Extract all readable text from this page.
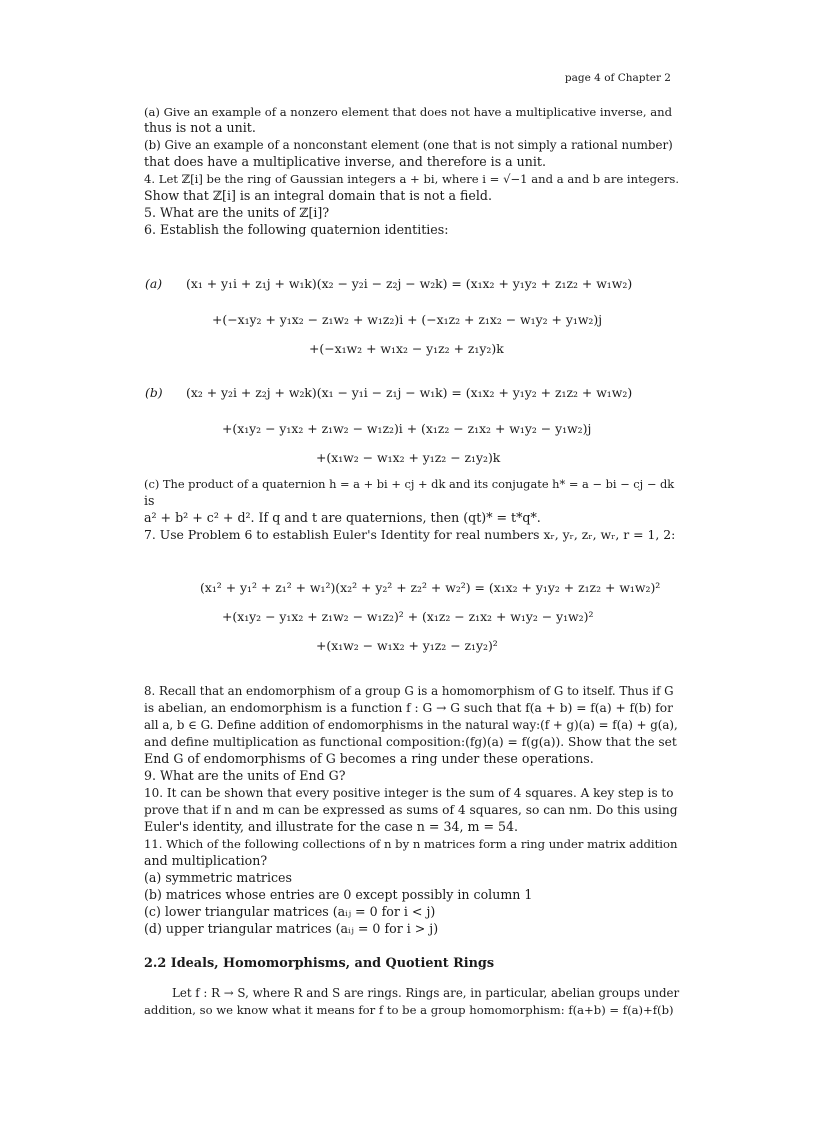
page 4 of Chapter 2
(a) Give an example of a nonzero element that does not have a multiplicative inverse, and
thus is not a unit.
(b) Give an example of a nonconstant element (one that is not simply a rational number)
that does have a multiplicative inverse, and therefore is a unit.
4. Let ℤ[i] be the ring of Gaussian integers a + bi, where i = √−1 and a and b are integers.
Show that ℤ[i] is an integral domain that is not a field.
5. What are the units of ℤ[i]?
6. Establish the following quaternion identities:
(a) (x₁ + y₁i + z₁j + w₁k)(x₂ − y₂i − z₂j − w₂k) = (x₁x₂ + y₁y₂ + z₁z₂ + w₁w₂)
+(−x₁y₂ + y₁x₂ − z₁w₂ + w₁z₂)i + (−x₁z₂ + z₁x₂ − w₁y₂ + y₁w₂)j
+(−x₁w₂ + w₁x₂ − y₁z₂ + z₁y₂)k
(b) (x₂ + y₂i + z₂j + w₂k)(x₁ − y₁i − z₁j − w₁k) = (x₁x₂ + y₁y₂ + z₁z₂ + w₁w₂)
+(x₁y₂ − y₁x₂ + z₁w₂ − w₁z₂)i + (x₁z₂ − z₁x₂ + w₁y₂ − y₁w₂)j
+(x₁w₂ − w₁x₂ + y₁z₂ − z₁y₂)k
(c) The product of a quaternion h = a + bi + cj + dk and its conjugate h* = a − bi − cj − dk
is
a² + b² + c² + d². If q and t are quaternions, then (qt)* = t*q*.
7. Use Problem 6 to establish Euler's Identity for real numbers xᵣ, yᵣ, zᵣ, wᵣ, r = 1, 2:
(x₁² + y₁² + z₁² + w₁²)(x₂² + y₂² + z₂² + w₂²) = (x₁x₂ + y₁y₂ + z₁z₂ + w₁w₂)²
+(x₁y₂ − y₁x₂ + z₁w₂ − w₁z₂)² + (x₁z₂ − z₁x₂ + w₁y₂ − y₁w₂)²
+(x₁w₂ − w₁x₂ + y₁z₂ − z₁y₂)²
8. Recall that an endomorphism of a group G is a homomorphism of G to itself. Thus if G
is abelian, an endomorphism is a function f : G → G such that f(a + b) = f(a) + f(b) for
all a, b ∈ G. Define addition of endomorphisms in the natural way:(f + g)(a) = f(a) + g(a),
and define multiplication as functional composition:(fg)(a) = f(g(a)). Show that the set
End G of endomorphisms of G becomes a ring under these operations.
9. What are the units of End G?
10. It can be shown that every positive integer is the sum of 4 squares. A key step is to
prove that if n and m can be expressed as sums of 4 squares, so can nm. Do this using
Euler's identity, and illustrate for the case n = 34, m = 54.
11. Which of the following collections of n by n matrices form a ring under matrix addition
and multiplication?
(a) symmetric matrices
(b) matrices whose entries are 0 except possibly in column 1
(c) lower triangular matrices (aᵢⱼ = 0 for i < j)
(d) upper triangular matrices (aᵢⱼ = 0 for i > j)
2.2 Ideals, Homomorphisms, and Quotient Rings
Let f : R → S, where R and S are rings. Rings are, in particular, abelian groups under
addition, so we know what it means for f to be a group homomorphism: f(a+b) = f(a)+f(b)
